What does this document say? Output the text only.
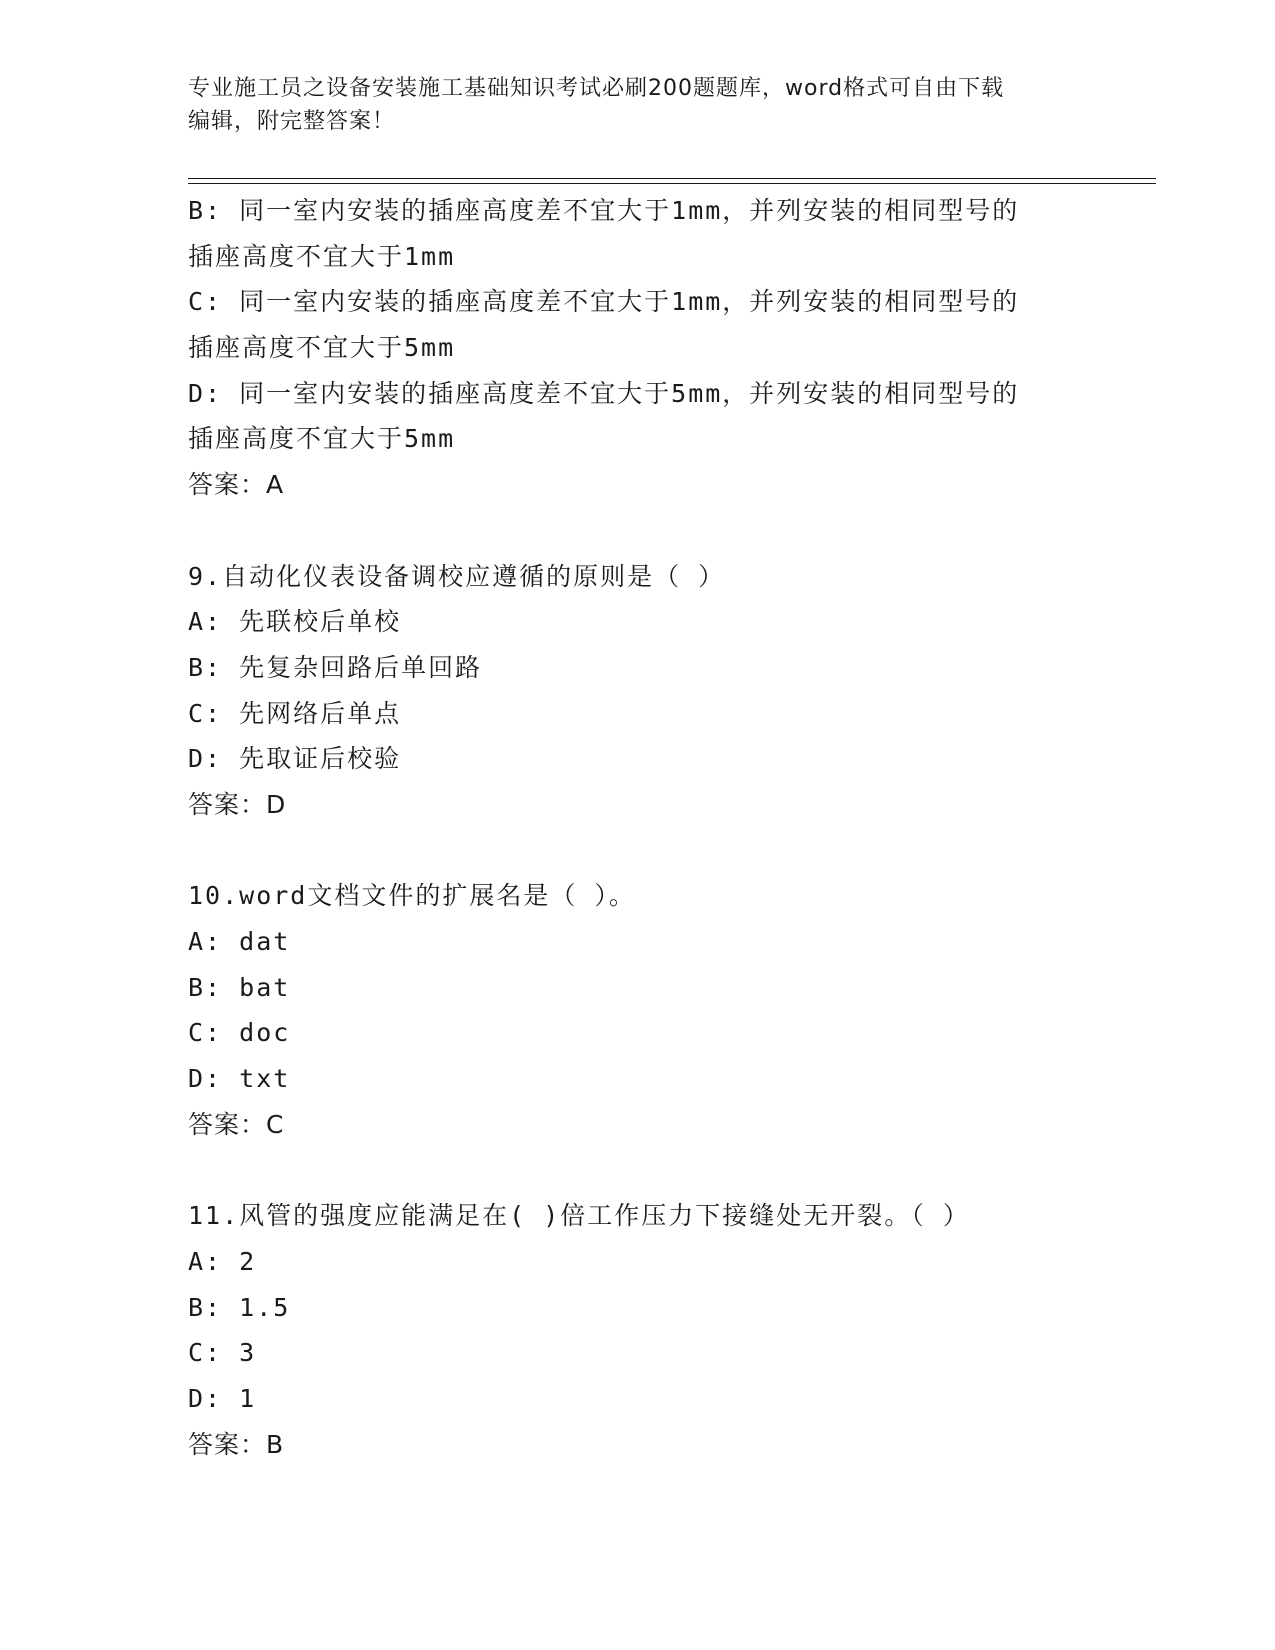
专业施工员之设备安装施工基础知识考试必刷200题题库，word格式可自由下载
编辑，附完整答案！
B: 同一室内安装的插座高度差不宜大于1mm，并列安装的相同型号的
插座高度不宜大于1mm
C: 同一室内安装的插座高度差不宜大于1mm，并列安装的相同型号的
插座高度不宜大于5mm
D: 同一室内安装的插座高度差不宜大于5mm，并列安装的相同型号的
插座高度不宜大于5mm
答案：A
9.自动化仪表设备调校应遵循的原则是（ ）
A: 先联校后单校
B: 先复杂回路后单回路
C: 先网络后单点
D: 先取证后校验
答案：D
10.word文档文件的扩展名是（ ）。
A: dat
B: bat
C: doc
D: txt
答案：C
11.风管的强度应能满足在( )倍工作压力下接缝处无开裂。（ ）
A: 2
B: 1.5
C: 3
D: 1
答案：B
